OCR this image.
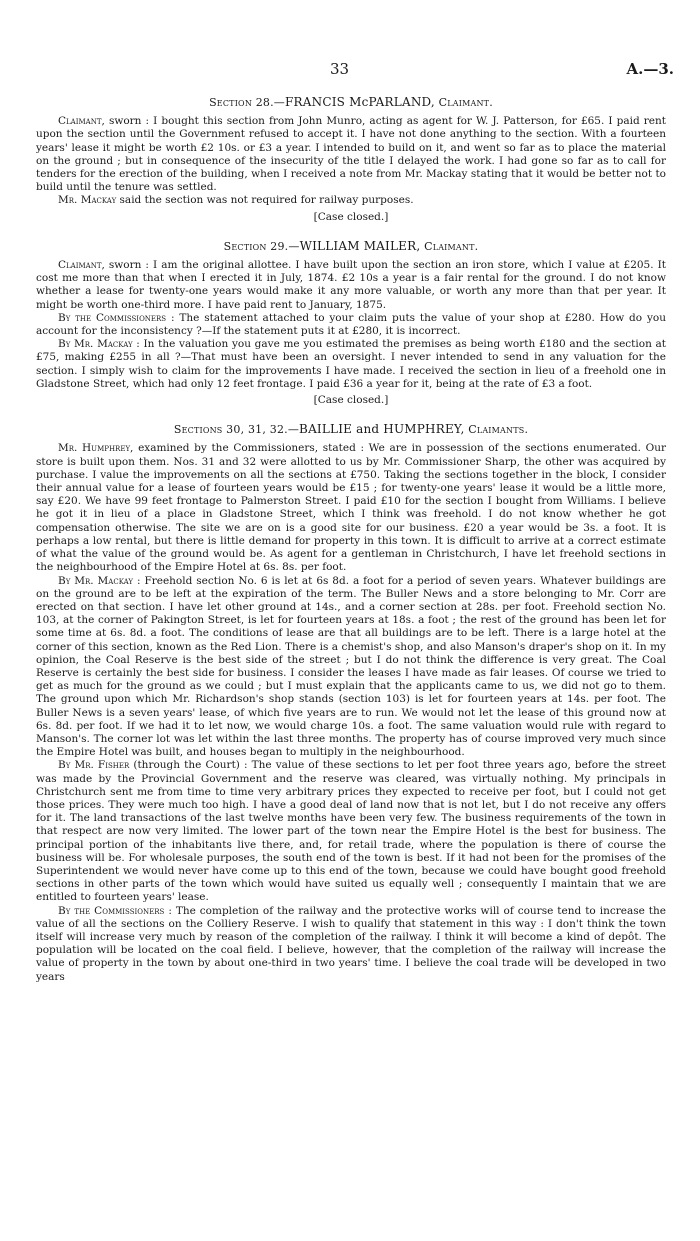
33	A.—3.
Section 28.—FRANCIS McPARLAND, Claimant.

Claimant, sworn : I bought this section from John Munro, acting as agent for W. J. Patterson, for £65. I paid rent upon the section until the Government refused to accept it. I have not done anything to the section. With a fourteen years' lease it might be worth £2 10s. or £3 a year. I intended to build on it, and went so far as to place the material on the ground ; but in consequence of the insecurity of the title I delayed the work. I had gone so far as to call for tenders for the erection of the building, when I received a note from Mr. Mackay stating that it would be better not to build until the tenure was settled.

Mr. Mackay said the section was not required for railway purposes.

[Case closed.]
Section 29.—WILLIAM MAILER, Claimant.

Claimant, sworn : I am the original allottee. I have built upon the section an iron store, which I value at £205. It cost me more than that when I erected it in July, 1874. £2 10s a year is a fair rental for the ground. I do not know whether a lease for twenty-one years would make it any more valuable, or worth any more than that per year. It might be worth one-third more. I have paid rent to January, 1875.

By the Commissioners : The statement attached to your claim puts the value of your shop at £280. How do you account for the inconsistency ?—If the statement puts it at £280, it is incorrect.

By Mr. Mackay : In the valuation you gave me you estimated the premises as being worth £180 and the section at £75, making £255 in all ?—That must have been an oversight. I never intended to send in any valuation for the section. I simply wish to claim for the improvements I have made. I received the section in lieu of a freehold one in Gladstone Street, which had only 12 feet frontage. I paid £36 a year for it, being at the rate of £3 a foot.

[Case closed.]
Sections 30, 31, 32.—BAILLIE and HUMPHREY, Claimants.

Mr. Humphrey, examined by the Commissioners, stated : We are in possession of the sections enumerated. Our store is built upon them. Nos. 31 and 32 were allotted to us by Mr. Commissioner Sharp, the other was acquired by purchase. I value the improvements on all the sections at £750. Taking the sections together in the block, I consider their annual value for a lease of fourteen years would be £15 ; for twenty-one years' lease it would be a little more, say £20. We have 99 feet frontage to Palmerston Street. I paid £10 for the section I bought from Williams. I believe he got it in lieu of a place in Gladstone Street, which I think was freehold. I do not know whether he got compensation otherwise. The site we are on is a good site for our business. £20 a year would be 3s. a foot. It is perhaps a low rental, but there is little demand for property in this town. It is difficult to arrive at a correct estimate of what the value of the ground would be. As agent for a gentleman in Christchurch, I have let freehold sections in the neighbourhood of the Empire Hotel at 6s. 8s. per foot.

By Mr. Mackay : Freehold section No. 6 is let at 6s 8d. a foot for a period of seven years. Whatever buildings are on the ground are to be left at the expiration of the term. The Buller News and a store belonging to Mr. Corr are erected on that section. I have let other ground at 14s., and a corner section at 28s. per foot. Freehold section No. 103, at the corner of Pakington Street, is let for fourteen years at 18s. a foot ; the rest of the ground has been let for some time at 6s. 8d. a foot. The conditions of lease are that all buildings are to be left. There is a large hotel at the corner of this section, known as the Red Lion. There is a chemist's shop, and also Manson's draper's shop on it. In my opinion, the Coal Reserve is the best side of the street ; but I do not think the difference is very great. The Coal Reserve is certainly the best side for business. I consider the leases I have made as fair leases. Of course we tried to get as much for the ground as we could ; but I must explain that the applicants came to us, we did not go to them. The ground upon which Mr. Richardson's shop stands (section 103) is let for fourteen years at 14s. per foot. The Buller News is a seven years' lease, of which five years are to run. We would not let the lease of this ground now at 6s. 8d. per foot. If we had it to let now, we would charge 10s. a foot. The same valuation would rule with regard to Manson's. The corner lot was let within the last three months. The property has of course improved very much since the Empire Hotel was built, and houses began to multiply in the neighbourhood.

By Mr. Fisher (through the Court) : The value of these sections to let per foot three years ago, before the street was made by the Provincial Government and the reserve was cleared, was virtually nothing. My principals in Christchurch sent me from time to time very arbitrary prices they expected to receive per foot, but I could not get those prices. They were much too high. I have a good deal of land now that is not let, but I do not receive any offers for it. The land transactions of the last twelve months have been very few. The business requirements of the town in that respect are now very limited. The lower part of the town near the Empire Hotel is the best for business. The principal portion of the inhabitants live there, and, for retail trade, where the population is there of course the business will be. For wholesale purposes, the south end of the town is best. If it had not been for the promises of the Superintendent we would never have come up to this end of the town, because we could have bought good freehold sections in other parts of the town which would have suited us equally well ; consequently I maintain that we are entitled to fourteen years' lease.

By the Commissioners : The completion of the railway and the protective works will of course tend to increase the value of all the sections on the Colliery Reserve. I wish to qualify that statement in this way : I don't think the town itself will increase very much by reason of the completion of the railway. I think it will become a kind of depôt. The population will be located on the coal field. I believe, however, that the completion of the railway will increase the value of property in the town by about one-third in two years' time. I believe the coal trade will be developed in two years
